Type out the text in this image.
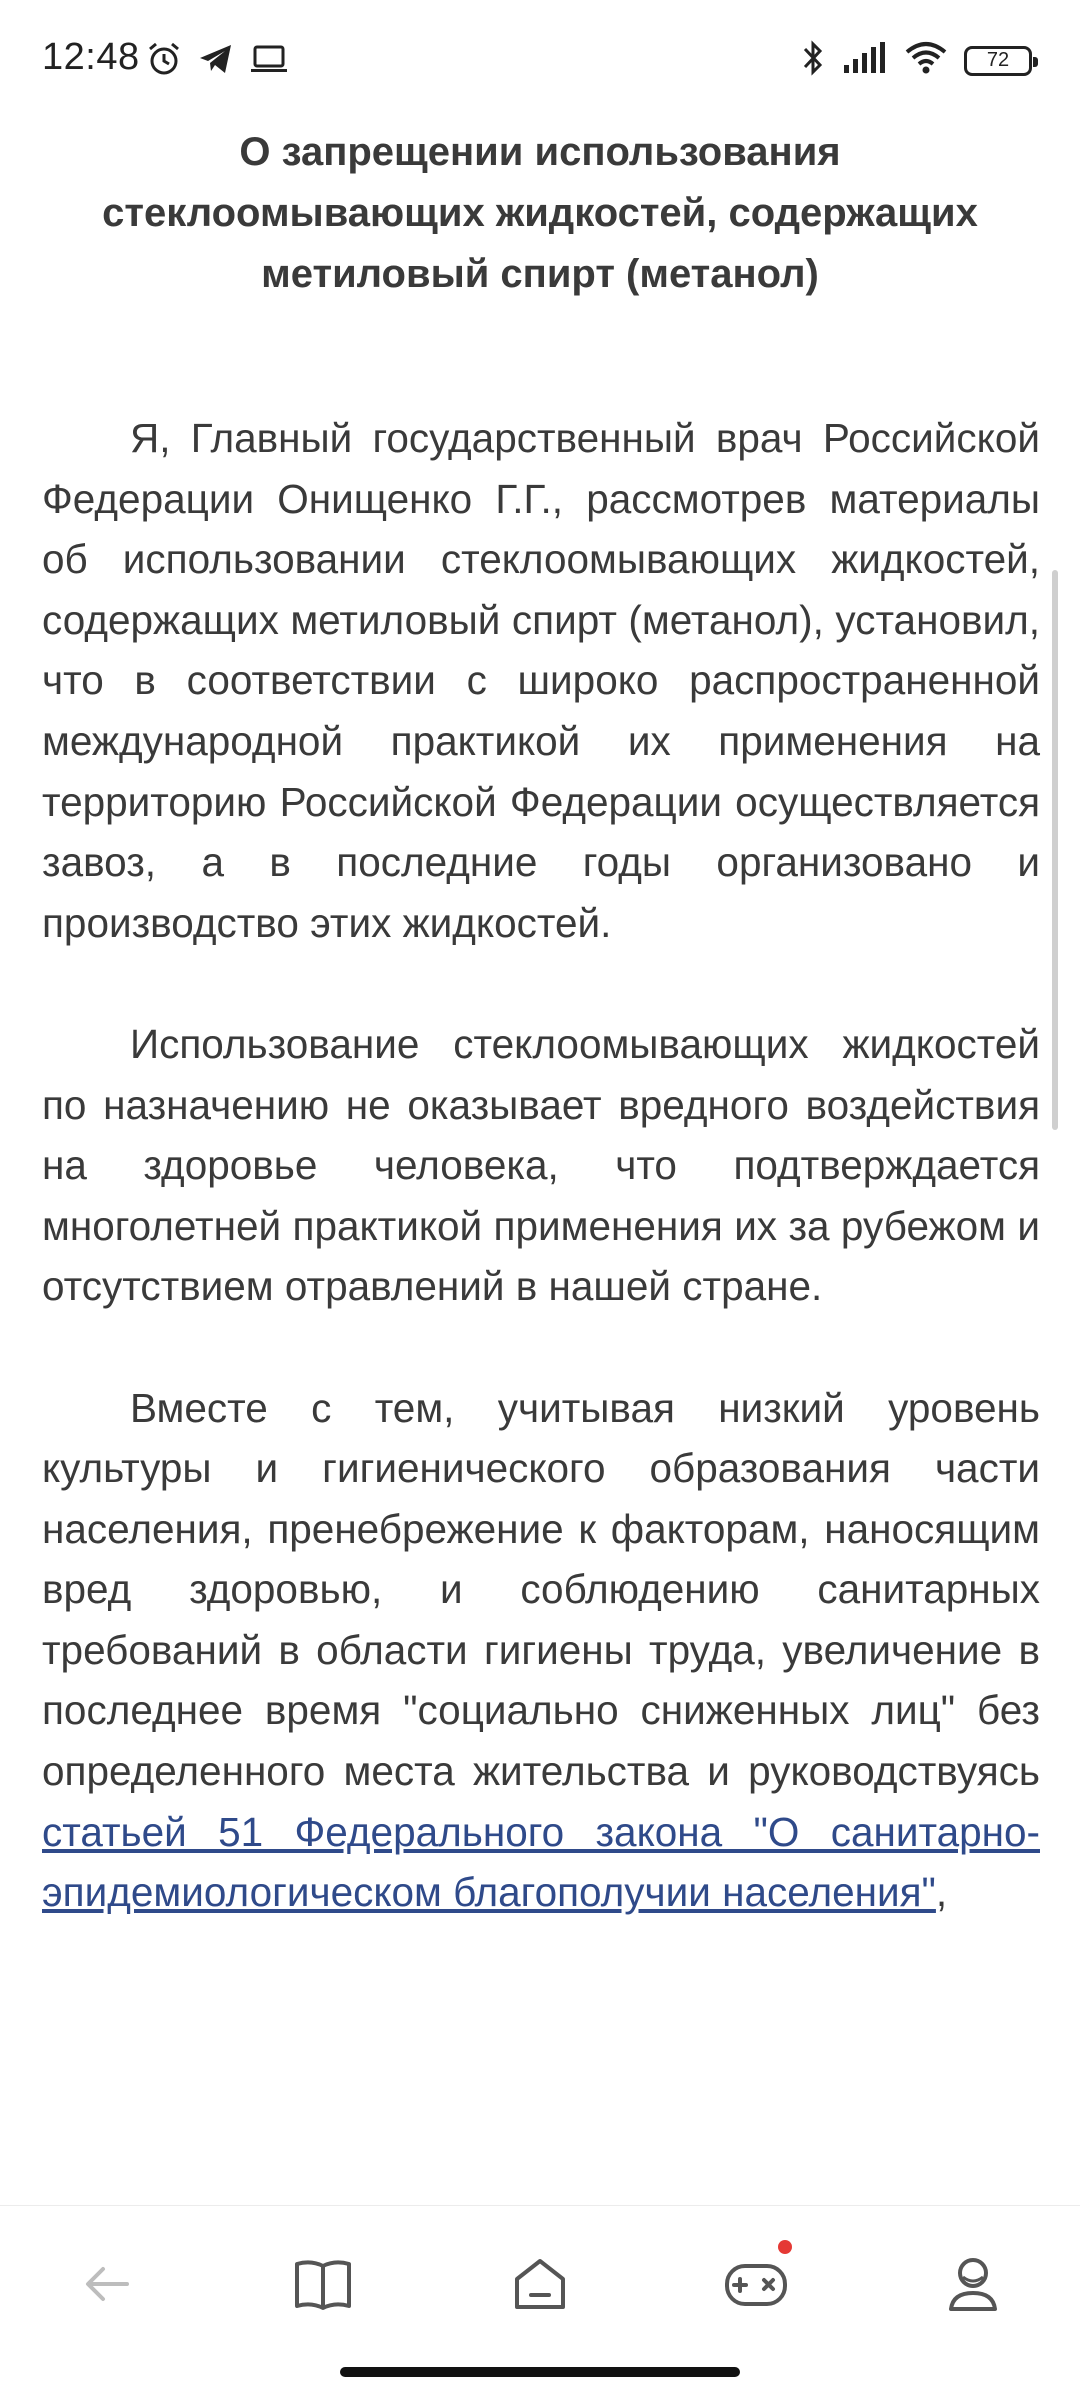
12:48	72
О запрещении использования стеклоомывающих жидкостей, содержащих метиловый спирт (метанол)

Я, Главный государственный врач Российской Федерации Онищенко Г.Г., рассмотрев материалы об использовании стеклоомывающих жидкостей, содержащих метиловый спирт (метанол), установил, что в соответствии с широко распространенной международной практикой их применения на территорию Российской Федерации осуществляется завоз, а в последние годы организовано и производство этих жидкостей.

Использование стеклоомывающих жидкостей по назначению не оказывает вредного воздействия на здоровье человека, что подтверждается многолетней практикой применения их за рубежом и отсутствием отравлений в нашей стране.

Вместе с тем, учитывая низкий уровень культуры и гигиенического образования части населения, пренебрежение к факторам, наносящим вред здоровью, и соблюдению санитарных требований в области гигиены труда, увеличение в последнее время "социально сниженных лиц" без определенного места жительства и руководствуясь статьей 51 Федерального закона "О санитарно-эпидемиологическом благополучии населения",
